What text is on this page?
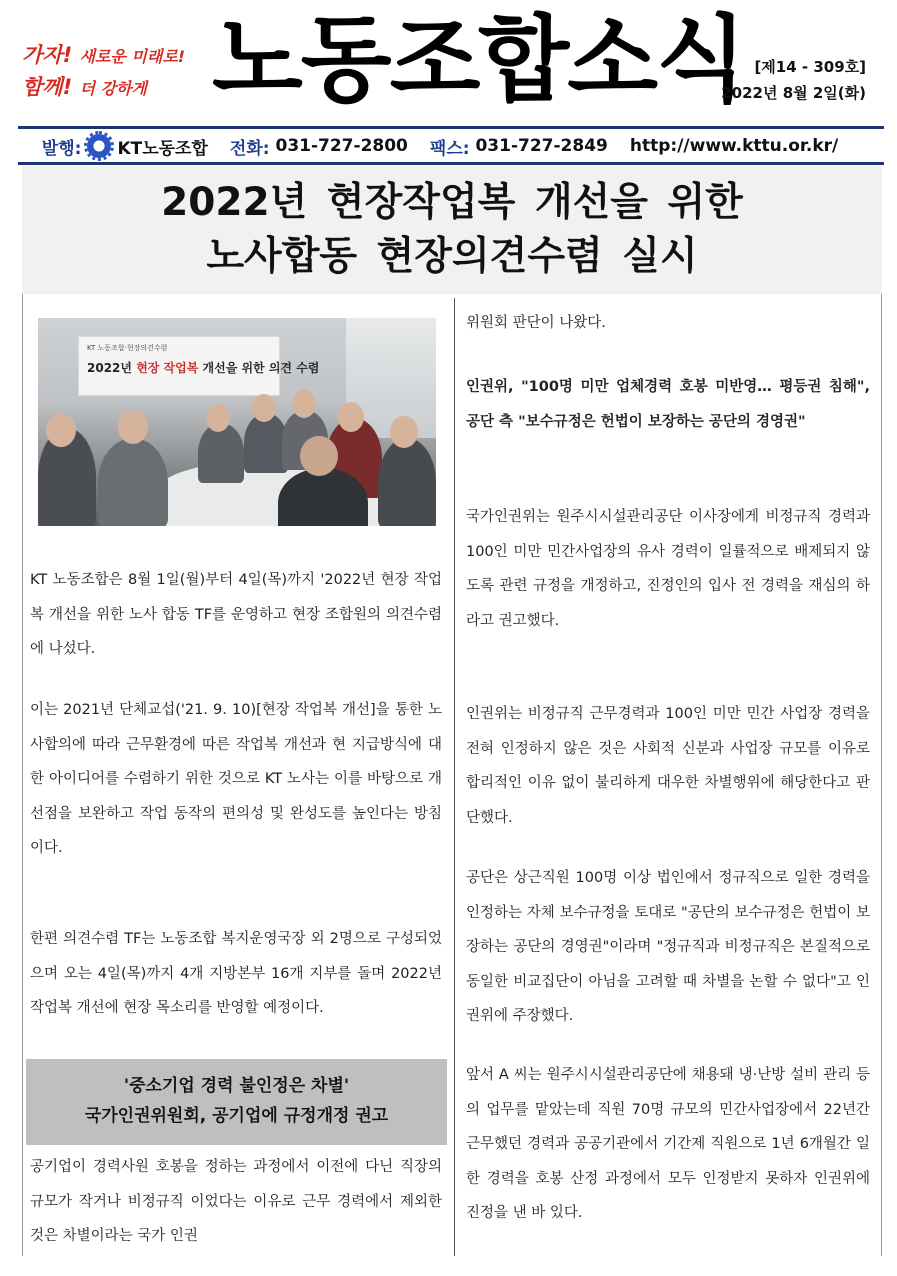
가자! 새로운 미래로!
함께! 더 강하게 노동조합소식 [제14 - 309호]
2022년 8월 2일(화)
발행: KT노동조합 전화:
031-727-2800 팩스:
031-727-2849 http://www.kttu.or.kr/
2022년 현장작업복 개선을 위한
노사합동 현장의견수렴 실시
KT 노동조합·현장의견수렴
2022년 현장 작업복 개선을 위한 의견 수렴

KT 노동조합은 8월 1일(월)부터 4일(목)까지 '2022년 현장 작업복 개선을 위한 노사 합동 TF를 운영하고 현장 조합원의 의견수렴에 나섰다.

이는 2021년 단체교섭('21. 9. 10)[현장 작업복 개선]을 통한 노사합의에 따라 근무환경에 따른 작업복 개선과 현 지급방식에 대한 아이디어를 수렴하기 위한 것으로 KT 노사는 이를 바탕으로 개선점을 보완하고 작업 동작의 편의성 및 완성도를 높인다는 방침이다.

한편 의견수렴 TF는 노동조합 복지운영국장 외 2명으로 구성되었으며 오는 4일(목)까지 4개 지방본부 16개 지부를 돌며 2022년 작업복 개선에 현장 목소리를 반영할 예정이다.

'중소기업 경력 불인정은 차별'
국가인권위원회, 공기업에 규정개정 권고

공기업이 경력사원 호봉을 정하는 과정에서 이전에 다닌 직장의 규모가 작거나 비정규직 이었다는 이유로 근무 경력에서 제외한 것은 차별이라는 국가 인권

위원회 판단이 나왔다.

인권위, "100명 미만 업체경력 호봉 미반영… 평등권 침해", 공단 측 "보수규정은 헌법이 보장하는 공단의 경영권"

국가인권위는 원주시시설관리공단 이사장에게 비정규직 경력과 100인 미만 민간사업장의 유사 경력이 일률적으로 배제되지 않도록 관련 규정을 개정하고, 진정인의 입사 전 경력을 재심의 하라고 권고했다.

인권위는 비정규직 근무경력과 100인 미만 민간 사업장 경력을 전혀 인정하지 않은 것은 사회적 신분과 사업장 규모를 이유로 합리적인 이유 없이 불리하게 대우한 차별행위에 해당한다고 판단했다.

공단은 상근직원 100명 이상 법인에서 정규직으로 일한 경력을 인정하는 자체 보수규정을 토대로 "공단의 보수규정은 헌법이 보장하는 공단의 경영권"이라며 "정규직과 비정규직은 본질적으로 동일한 비교집단이 아님을 고려할 때 차별을 논할 수 없다"고 인권위에 주장했다.

앞서 A 씨는 원주시시설관리공단에 채용돼 냉·난방 설비 관리 등의 업무를 맡았는데 직원 70명 규모의 민간사업장에서 22년간 근무했던 경력과 공공기관에서 기간제 직원으로 1년 6개월간 일한 경력을 호봉 산정 과정에서 모두 인정받지 못하자 인권위에 진정을 낸 바 있다.
